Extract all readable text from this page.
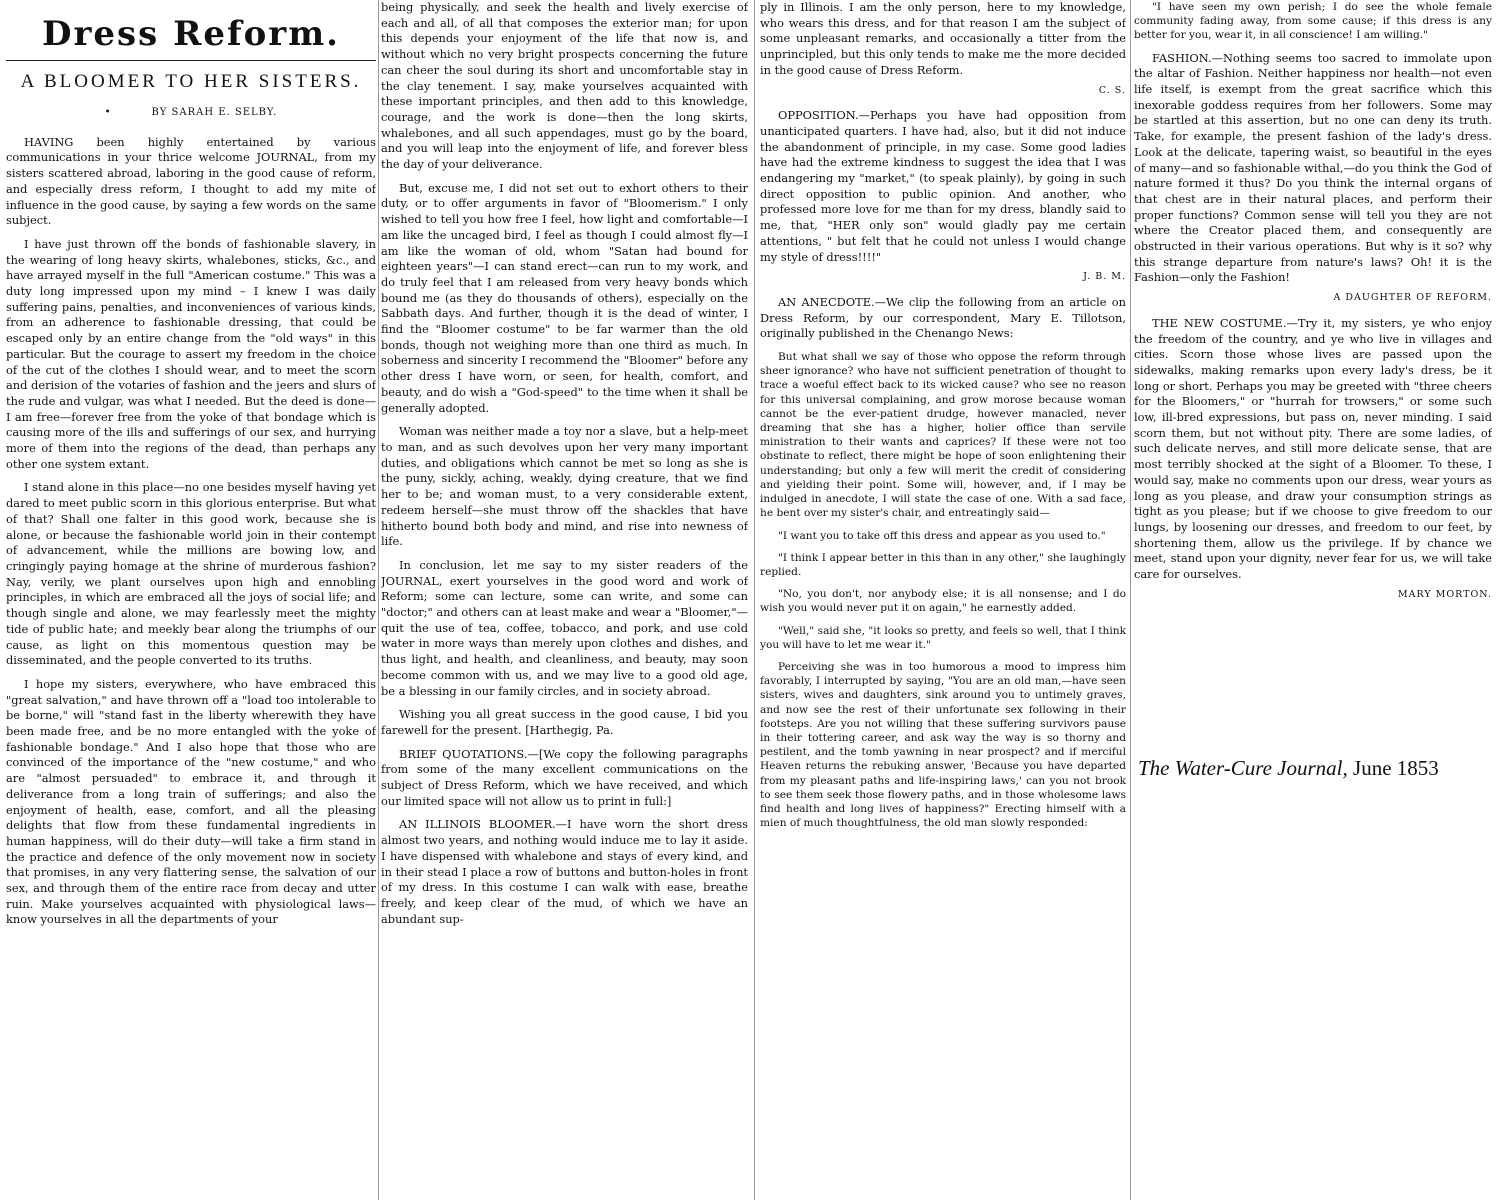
Dress Reform.
A BLOOMER TO HER SISTERS.
•	BY SARAH E. SELBY.

HAVING been highly entertained by various communications in your thrice welcome JOURNAL, from my sisters scattered abroad, laboring in the good cause of reform, and especially dress reform, I thought to add my mite of influence in the good cause, by saying a few words on the same subject.

I have just thrown off the bonds of fashionable slavery, in the wearing of long heavy skirts, whalebones, sticks, &c., and have arrayed myself in the full "American costume." This was a duty long impressed upon my mind – I knew I was daily suffering pains, penalties, and inconveniences of various kinds, from an adherence to fashionable dressing, that could be escaped only by an entire change from the "old ways" in this particular. But the courage to assert my freedom in the choice of the cut of the clothes I should wear, and to meet the scorn and derision of the votaries of fashion and the jeers and slurs of the rude and vulgar, was what I needed. But the deed is done—I am free—forever free from the yoke of that bondage which is causing more of the ills and sufferings of our sex, and hurrying more of them into the regions of the dead, than perhaps any other one system extant.

I stand alone in this place—no one besides myself having yet dared to meet public scorn in this glorious enterprise. But what of that? Shall one falter in this good work, because she is alone, or because the fashionable world join in their contempt of advancement, while the millions are bowing low, and cringingly paying homage at the shrine of murderous fashion? Nay, verily, we plant ourselves upon high and ennobling principles, in which are embraced all the joys of social life; and though single and alone, we may fearlessly meet the mighty tide of public hate; and meekly bear along the triumphs of our cause, as light on this momentous question may be disseminated, and the people converted to its truths.

I hope my sisters, everywhere, who have embraced this "great salvation," and have thrown off a "load too intolerable to be borne," will "stand fast in the liberty wherewith they have been made free, and be no more entangled with the yoke of fashionable bondage." And I also hope that those who are convinced of the importance of the "new costume," and who are "almost persuaded" to embrace it, and through it deliverance from a long train of sufferings; and also the enjoyment of health, ease, comfort, and all the pleasing delights that flow from these fundamental ingredients in human happiness, will do their duty—will take a firm stand in the practice and defence of the only movement now in society that promises, in any very flattering sense, the salvation of our sex, and through them of the entire race from decay and utter ruin. Make yourselves acquainted with physiological laws—know yourselves in all the departments of your

being physically, and seek the health and lively exercise of each and all, of all that composes the exterior man; for upon this depends your enjoyment of the life that now is, and without which no very bright prospects concerning the future can cheer the soul during its short and uncomfortable stay in the clay tenement. I say, make yourselves acquainted with these important principles, and then add to this knowledge, courage, and the work is done—then the long skirts, whalebones, and all such appendages, must go by the board, and you will leap into the enjoyment of life, and forever bless the day of your deliverance.

But, excuse me, I did not set out to exhort others to their duty, or to offer arguments in favor of "Bloomerism." I only wished to tell you how free I feel, how light and comfortable—I am like the uncaged bird, I feel as though I could almost fly—I am like the woman of old, whom "Satan had bound for eighteen years"—I can stand erect—can run to my work, and do truly feel that I am released from very heavy bonds which bound me (as they do thousands of others), especially on the Sabbath days. And further, though it is the dead of winter, I find the "Bloomer costume" to be far warmer than the old bonds, though not weighing more than one third as much. In soberness and sincerity I recommend the "Bloomer" before any other dress I have worn, or seen, for health, comfort, and beauty, and do wish a "God-speed" to the time when it shall be generally adopted.

Woman was neither made a toy nor a slave, but a help-meet to man, and as such devolves upon her very many important duties, and obligations which cannot be met so long as she is the puny, sickly, aching, weakly, dying creature, that we find her to be; and woman must, to a very considerable extent, redeem herself—she must throw off the shackles that have hitherto bound both body and mind, and rise into newness of life.

In conclusion, let me say to my sister readers of the JOURNAL, exert yourselves in the good word and work of Reform; some can lecture, some can write, and some can "doctor;" and others can at least make and wear a "Bloomer,"—quit the use of tea, coffee, tobacco, and pork, and use cold water in more ways than merely upon clothes and dishes, and thus light, and health, and cleanliness, and beauty, may soon become common with us, and we may live to a good old age, be a blessing in our family circles, and in society abroad.

Wishing you all great success in the good cause, I bid you farewell for the present. [Harthegig, Pa.

BRIEF QUOTATIONS.—[We copy the following paragraphs from some of the many excellent communications on the subject of Dress Reform, which we have received, and which our limited space will not allow us to print in full:]

AN ILLINOIS BLOOMER.—I have worn the short dress almost two years, and nothing would induce me to lay it aside. I have dispensed with whalebone and stays of every kind, and in their stead I place a row of buttons and button-holes in front of my dress. In this costume I can walk with ease, breathe freely, and keep clear of the mud, of which we have an abundant sup-

ply in Illinois. I am the only person, here to my knowledge, who wears this dress, and for that reason I am the subject of some unpleasant remarks, and occasionally a titter from the unprincipled, but this only tends to make me the more decided in the good cause of Dress Reform.

C. S.

OPPOSITION.—Perhaps you have had opposition from unanticipated quarters. I have had, also, but it did not induce the abandonment of principle, in my case. Some good ladies have had the extreme kindness to suggest the idea that I was endangering my "market," (to speak plainly), by going in such direct opposition to public opinion. And another, who professed more love for me than for my dress, blandly said to me, that, "HER only son" would gladly pay me certain attentions, " but felt that he could not unless I would change my style of dress!!!!"

J. B. M.

AN ANECDOTE.—We clip the following from an article on Dress Reform, by our correspondent, Mary E. Tillotson, originally published in the Chenango News:

But what shall we say of those who oppose the reform through sheer ignorance? who have not sufficient penetration of thought to trace a woeful effect back to its wicked cause? who see no reason for this universal complaining, and grow morose because woman cannot be the ever-patient drudge, however manacled, never dreaming that she has a higher, holier office than servile ministration to their wants and caprices? If these were not too obstinate to reflect, there might be hope of soon enlightening their understanding; but only a few will merit the credit of considering and yielding their point. Some will, however, and, if I may be indulged in anecdote, I will state the case of one. With a sad face, he bent over my sister's chair, and entreatingly said—

"I want you to take off this dress and appear as you used to."

"I think I appear better in this than in any other," she laughingly replied.

"No, you don't, nor anybody else; it is all nonsense; and I do wish you would never put it on again," he earnestly added.

"Well," said she, "it looks so pretty, and feels so well, that I think you will have to let me wear it."

Perceiving she was in too humorous a mood to impress him favorably, I interrupted by saying, "You are an old man,—have seen sisters, wives and daughters, sink around you to untimely graves, and now see the rest of their unfortunate sex following in their footsteps. Are you not willing that these suffering survivors pause in their tottering career, and ask way the way is so thorny and pestilent, and the tomb yawning in near prospect? and if merciful Heaven returns the rebuking answer, 'Because you have departed from my pleasant paths and life-inspiring laws,' can you not brook to see them seek those flowery paths, and in those wholesome laws find health and long lives of happiness?" Erecting himself with a mien of much thoughtfulness, the old man slowly responded:

"I have seen my own perish; I do see the whole female community fading away, from some cause; if this dress is any better for you, wear it, in all conscience! I am willing."

FASHION.—Nothing seems too sacred to immolate upon the altar of Fashion. Neither happiness nor health—not even life itself, is exempt from the great sacrifice which this inexorable goddess requires from her followers. Some may be startled at this assertion, but no one can deny its truth. Take, for example, the present fashion of the lady's dress. Look at the delicate, tapering waist, so beautiful in the eyes of many—and so fashionable withal,—do you think the God of nature formed it thus? Do you think the internal organs of that chest are in their natural places, and perform their proper functions? Common sense will tell you they are not where the Creator placed them, and consequently are obstructed in their various operations. But why is it so? why this strange departure from nature's laws? Oh! it is the Fashion—only the Fashion!

A DAUGHTER OF REFORM.

THE NEW COSTUME.—Try it, my sisters, ye who enjoy the freedom of the country, and ye who live in villages and cities. Scorn those whose lives are passed upon the sidewalks, making remarks upon every lady's dress, be it long or short. Perhaps you may be greeted with "three cheers for the Bloomers," or "hurrah for trowsers," or some such low, ill-bred expressions, but pass on, never minding. I said scorn them, but not without pity. There are some ladies, of such delicate nerves, and still more delicate sense, that are most terribly shocked at the sight of a Bloomer. To these, I would say, make no comments upon our dress, wear yours as long as you please, and draw your consumption strings as tight as you please; but if we choose to give freedom to our lungs, by loosening our dresses, and freedom to our feet, by shortening them, allow us the privilege. If by chance we meet, stand upon your dignity, never fear for us, we will take care for ourselves.

MARY MORTON.
The Water-Cure Journal, June 1853
